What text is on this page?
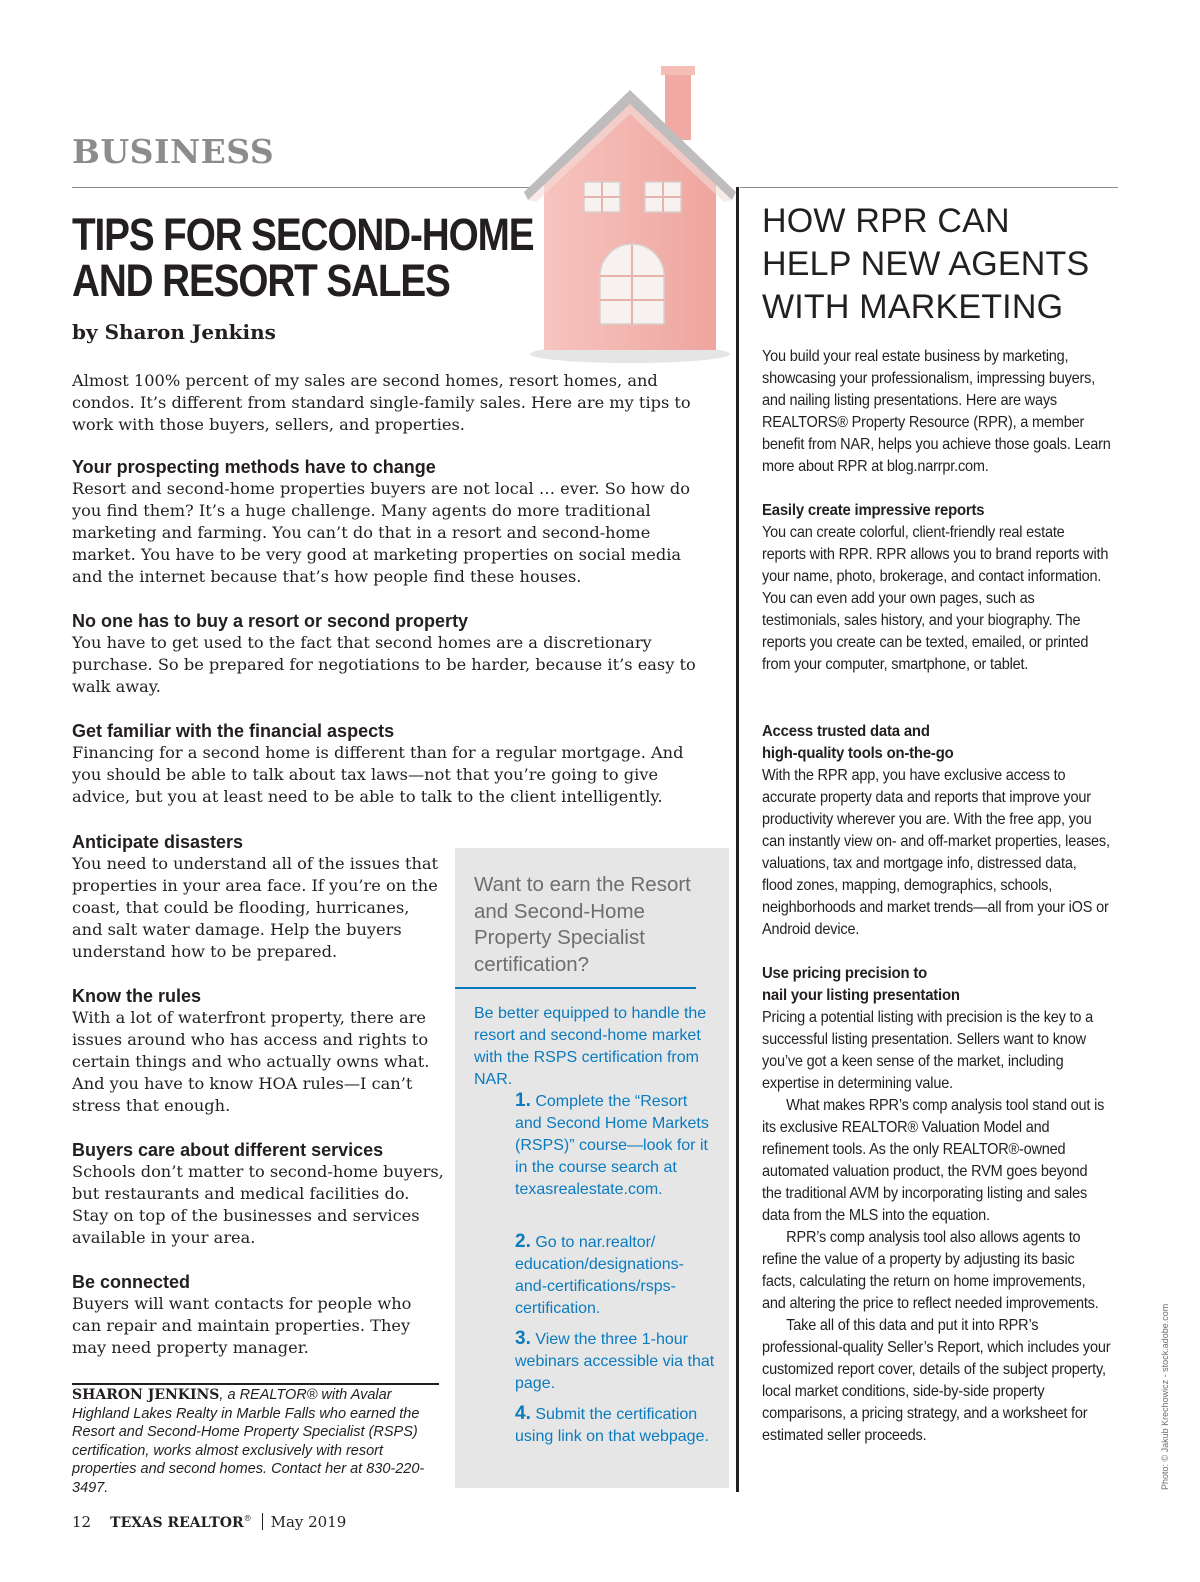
BUSINESS
TIPS FOR SECOND-HOME
AND RESORT SALES
by Sharon Jenkins

Almost 100% percent of my sales are second homes, resort homes, and condos. It’s different from standard single-family sales. Here are my tips to work with those buyers, sellers, and properties.

Your prospecting methods have to change

Resort and second-home properties buyers are not local … ever. So how do you find them? It’s a huge challenge. Many agents do more traditional marketing and farming. You can’t do that in a resort and second-home market. You have to be very good at marketing properties on social media and the internet because that’s how people find these houses.

No one has to buy a resort or second property

You have to get used to the fact that second homes are a discretionary purchase. So be prepared for negotiations to be harder, because it’s easy to walk away.

Get familiar with the financial aspects

Financing for a second home is different than for a regular mortgage. And you should be able to talk about tax laws—not that you’re going to give advice, but you at least need to be able to talk to the client intelligently.

Anticipate disasters

You need to understand all of the issues that properties in your area face. If you’re on the coast, that could be flooding, hurricanes, and salt water damage. Help the buyers understand how to be prepared.

Know the rules

With a lot of waterfront property, there are issues around who has access and rights to certain things and who actually owns what. And you have to know HOA rules—I can’t stress that enough.

Buyers care about different services

Schools don’t matter to second-home buyers, but restaurants and medical facilities do. Stay on top of the businesses and services available in your area.

Be connected

Buyers will want contacts for people who can repair and maintain properties. They may need property manager.

SHARON JENKINS, a REALTOR® with Avalar Highland Lakes Realty in Marble Falls who earned the Resort and Second-Home Property Specialist (RSPS) certification, works almost exclusively with resort properties and second homes. Contact her at 830-220-3497.

Want to earn the Resort and Second-Home Property Specialist certification?

Be better equipped to handle the resort and second-home market with the RSPS certification from NAR.

1. Complete the “Resort and Second Home Markets (RSPS)” course—look for it in the course search at texasrealestate.com.

2. Go to nar.realtor/ education/designations-and-certifications/rsps-certification.

3. View the three 1-hour webinars accessible via that page.

4. Submit the certification using link on that webpage.

HOW RPR CAN
HELP NEW AGENTS
WITH MARKETING

You build your real estate business by marketing, showcasing your professionalism, impressing buyers, and nailing listing presentations. Here are ways REALTORS® Property Resource (RPR), a member benefit from NAR, helps you achieve those goals. Learn more about RPR at blog.narrpr.com.

Easily create impressive reports

You can create colorful, client-friendly real estate reports with RPR. RPR allows you to brand reports with your name, photo, brokerage, and contact information. You can even add your own pages, such as testimonials, sales history, and your biography. The reports you create can be texted, emailed, or printed from your computer, smartphone, or tablet.

Access trusted data and
high-quality tools on-the-go

With the RPR app, you have exclusive access to accurate property data and reports that improve your productivity wherever you are. With the free app, you can instantly view on- and off-market properties, leases, valuations, tax and mortgage info, distressed data, flood zones, mapping, demographics, schools, neighborhoods and market trends—all from your iOS or Android device.

Use pricing precision to
nail your listing presentation

Pricing a potential listing with precision is the key to a successful listing presentation. Sellers want to know you’ve got a keen sense of the market, including expertise in determining value.

What makes RPR’s comp analysis tool stand out is its exclusive REALTOR® Valuation Model and refinement tools. As the only REALTOR®-owned automated valuation product, the RVM goes beyond the traditional AVM by incorporating listing and sales data from the MLS into the equation.

RPR’s comp analysis tool also allows agents to refine the value of a property by adjusting its basic facts, calculating the return on home improvements, and altering the price to reflect needed improvements.

Take all of this data and put it into RPR’s professional-quality Seller’s Report, which includes your customized report cover, details of the subject property, local market conditions, side-by-side property comparisons, a pricing strategy, and a worksheet for estimated seller proceeds.	Photo: © Jakub Krechowicz - stock.adobe.com
12 TEXAS REALTOR® May 2019
